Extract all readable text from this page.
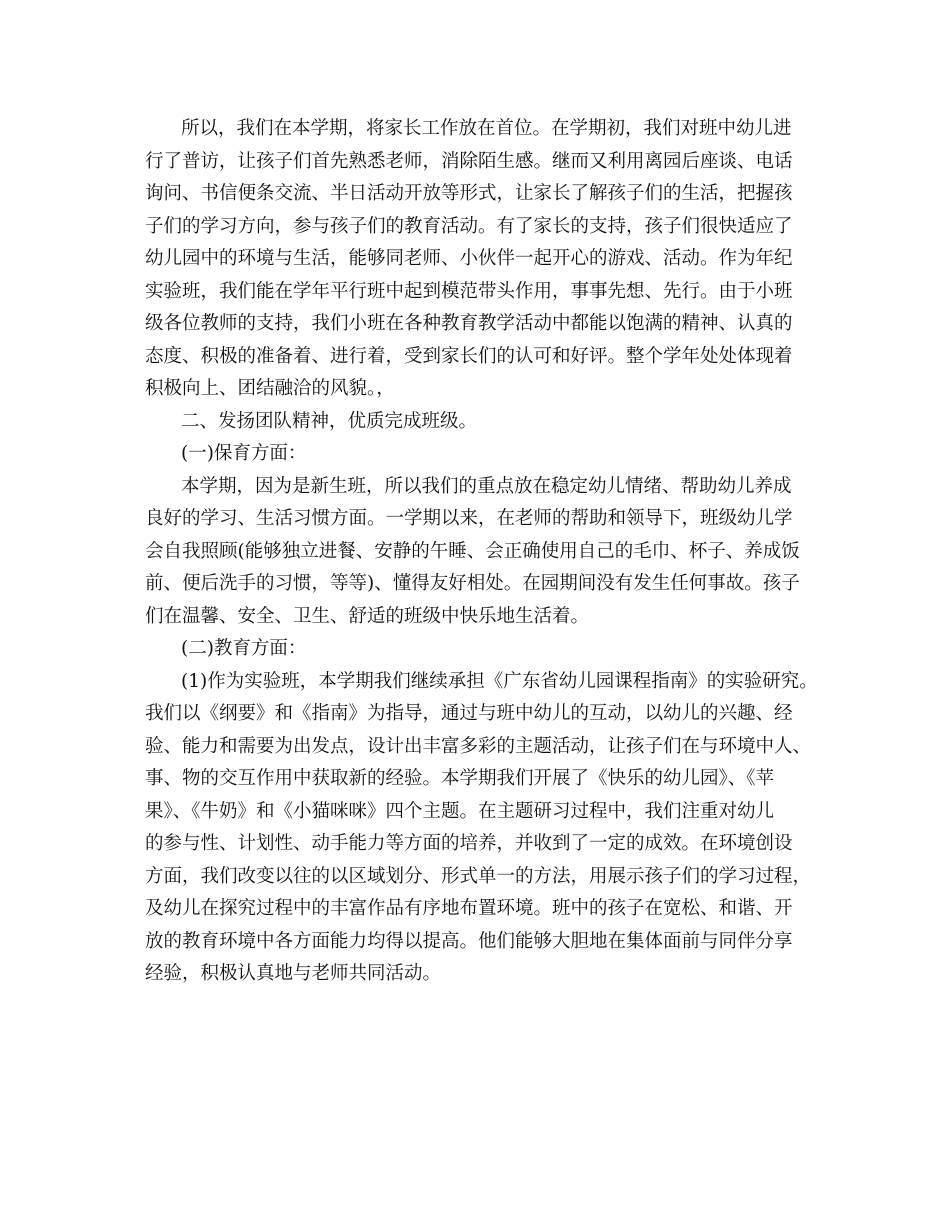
所以，我们在本学期，将家长工作放在首位。在学期初，我们对班中幼儿进
行了普访，让孩子们首先熟悉老师，消除陌生感。继而又利用离园后座谈、电话
询问、书信便条交流、半日活动开放等形式，让家长了解孩子们的生活，把握孩
子们的学习方向，参与孩子们的教育活动。有了家长的支持，孩子们很快适应了
幼儿园中的环境与生活，能够同老师、小伙伴一起开心的游戏、活动。作为年纪
实验班，我们能在学年平行班中起到模范带头作用，事事先想、先行。由于小班
级各位教师的支持，我们小班在各种教育教学活动中都能以饱满的精神、认真的
态度、积极的准备着、进行着，受到家长们的认可和好评。整个学年处处体现着
积极向上、团结融洽的风貌。，
二、发扬团队精神，优质完成班级。
(一)保育方面：
本学期，因为是新生班，所以我们的重点放在稳定幼儿情绪、帮助幼儿养成
良好的学习、生活习惯方面。一学期以来，在老师的帮助和领导下，班级幼儿学
会自我照顾(能够独立进餐、安静的午睡、会正确使用自己的毛巾、杯子、养成饭
前、便后洗手的习惯，等等)、懂得友好相处。在园期间没有发生任何事故。孩子
们在温馨、安全、卫生、舒适的班级中快乐地生活着。
(二)教育方面：
(1)作为实验班，本学期我们继续承担《广东省幼儿园课程指南》的实验研究。
我们以《纲要》和《指南》为指导，通过与班中幼儿的互动，以幼儿的兴趣、经
验、能力和需要为出发点，设计出丰富多彩的主题活动，让孩子们在与环境中人、
事、物的交互作用中获取新的经验。本学期我们开展了《快乐的幼儿园》、《苹
果》、《牛奶》和《小猫咪咪》四个主题。在主题研习过程中，我们注重对幼儿
的参与性、计划性、动手能力等方面的培养，并收到了一定的成效。在环境创设
方面，我们改变以往的以区域划分、形式单一的方法，用展示孩子们的学习过程，
及幼儿在探究过程中的丰富作品有序地布置环境。班中的孩子在宽松、和谐、开
放的教育环境中各方面能力均得以提高。他们能够大胆地在集体面前与同伴分享
经验，积极认真地与老师共同活动。
